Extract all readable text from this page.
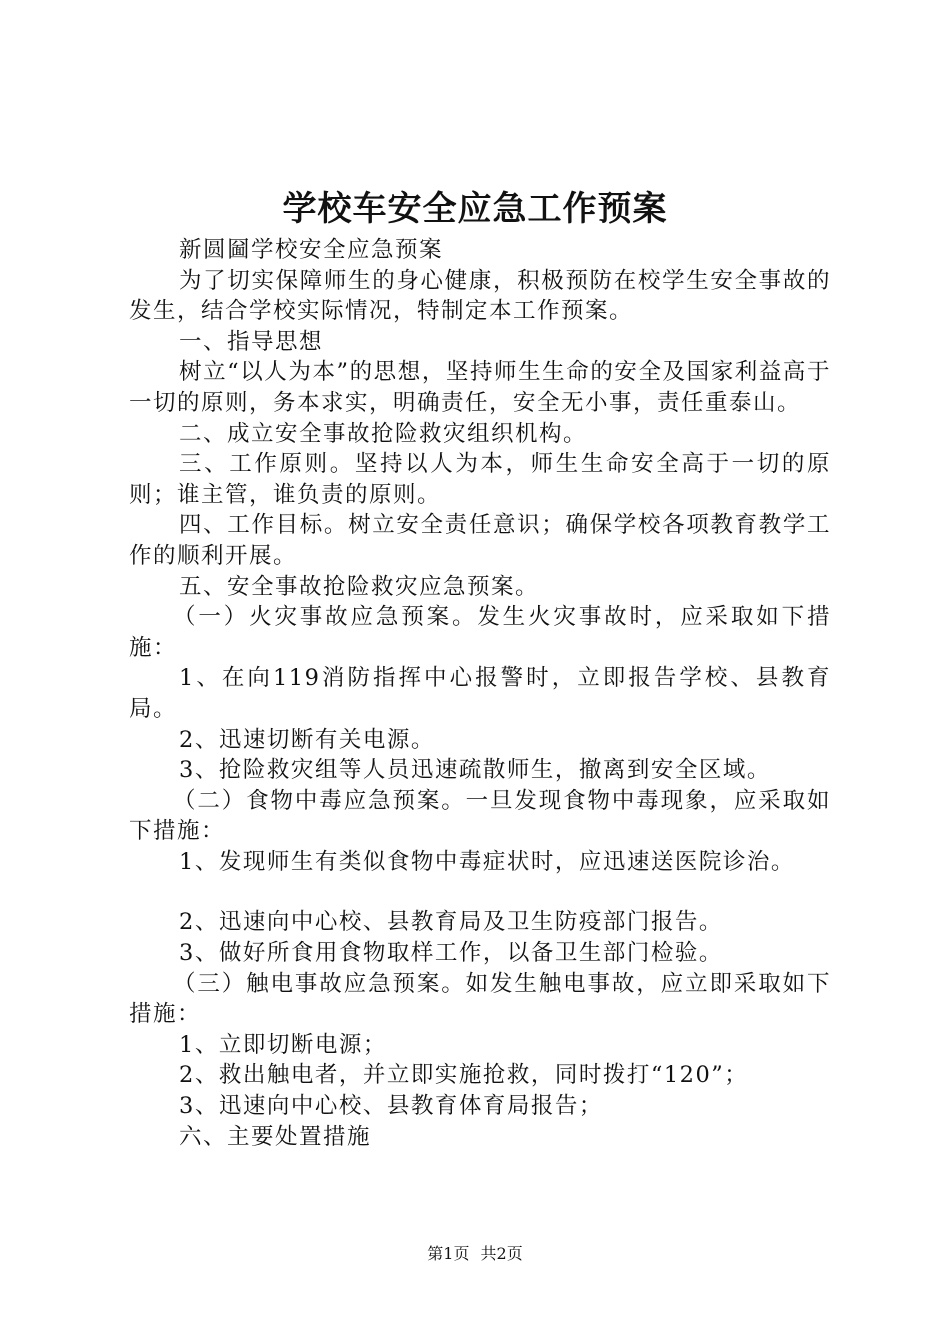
学校车安全应急工作预案

新圆圙学校安全应急预案

为了切实保障师生的身心健康，积极预防在校学生安全事故的发生，结合学校实际情况，特制定本工作预案。

一、指导思想

树立“以人为本”的思想，坚持师生生命的安全及国家利益高于一切的原则，务本求实，明确责任，安全无小事，责任重泰山。

二、成立安全事故抢险救灾组织机构。

三、工作原则。坚持以人为本，师生生命安全高于一切的原则；谁主管，谁负责的原则。

四、工作目标。树立安全责任意识；确保学校各项教育教学工作的顺利开展。

五、安全事故抢险救灾应急预案。

（一）火灾事故应急预案。发生火灾事故时，应采取如下措施：

1、在向119消防指挥中心报警时，立即报告学校、县教育局。

2、迅速切断有关电源。

3、抢险救灾组等人员迅速疏散师生，撤离到安全区域。

（二）食物中毒应急预案。一旦发现食物中毒现象，应采取如下措施：

1、发现师生有类似食物中毒症状时，应迅速送医院诊治。

2、迅速向中心校、县教育局及卫生防疫部门报告。

3、做好所食用食物取样工作，以备卫生部门检验。

（三）触电事故应急预案。如发生触电事故，应立即采取如下措施：

1、立即切断电源；

2、救出触电者，并立即实施抢救，同时拨打“120”；

3、迅速向中心校、县教育体育局报告；

六、主要处置措施

第1页 共2页
